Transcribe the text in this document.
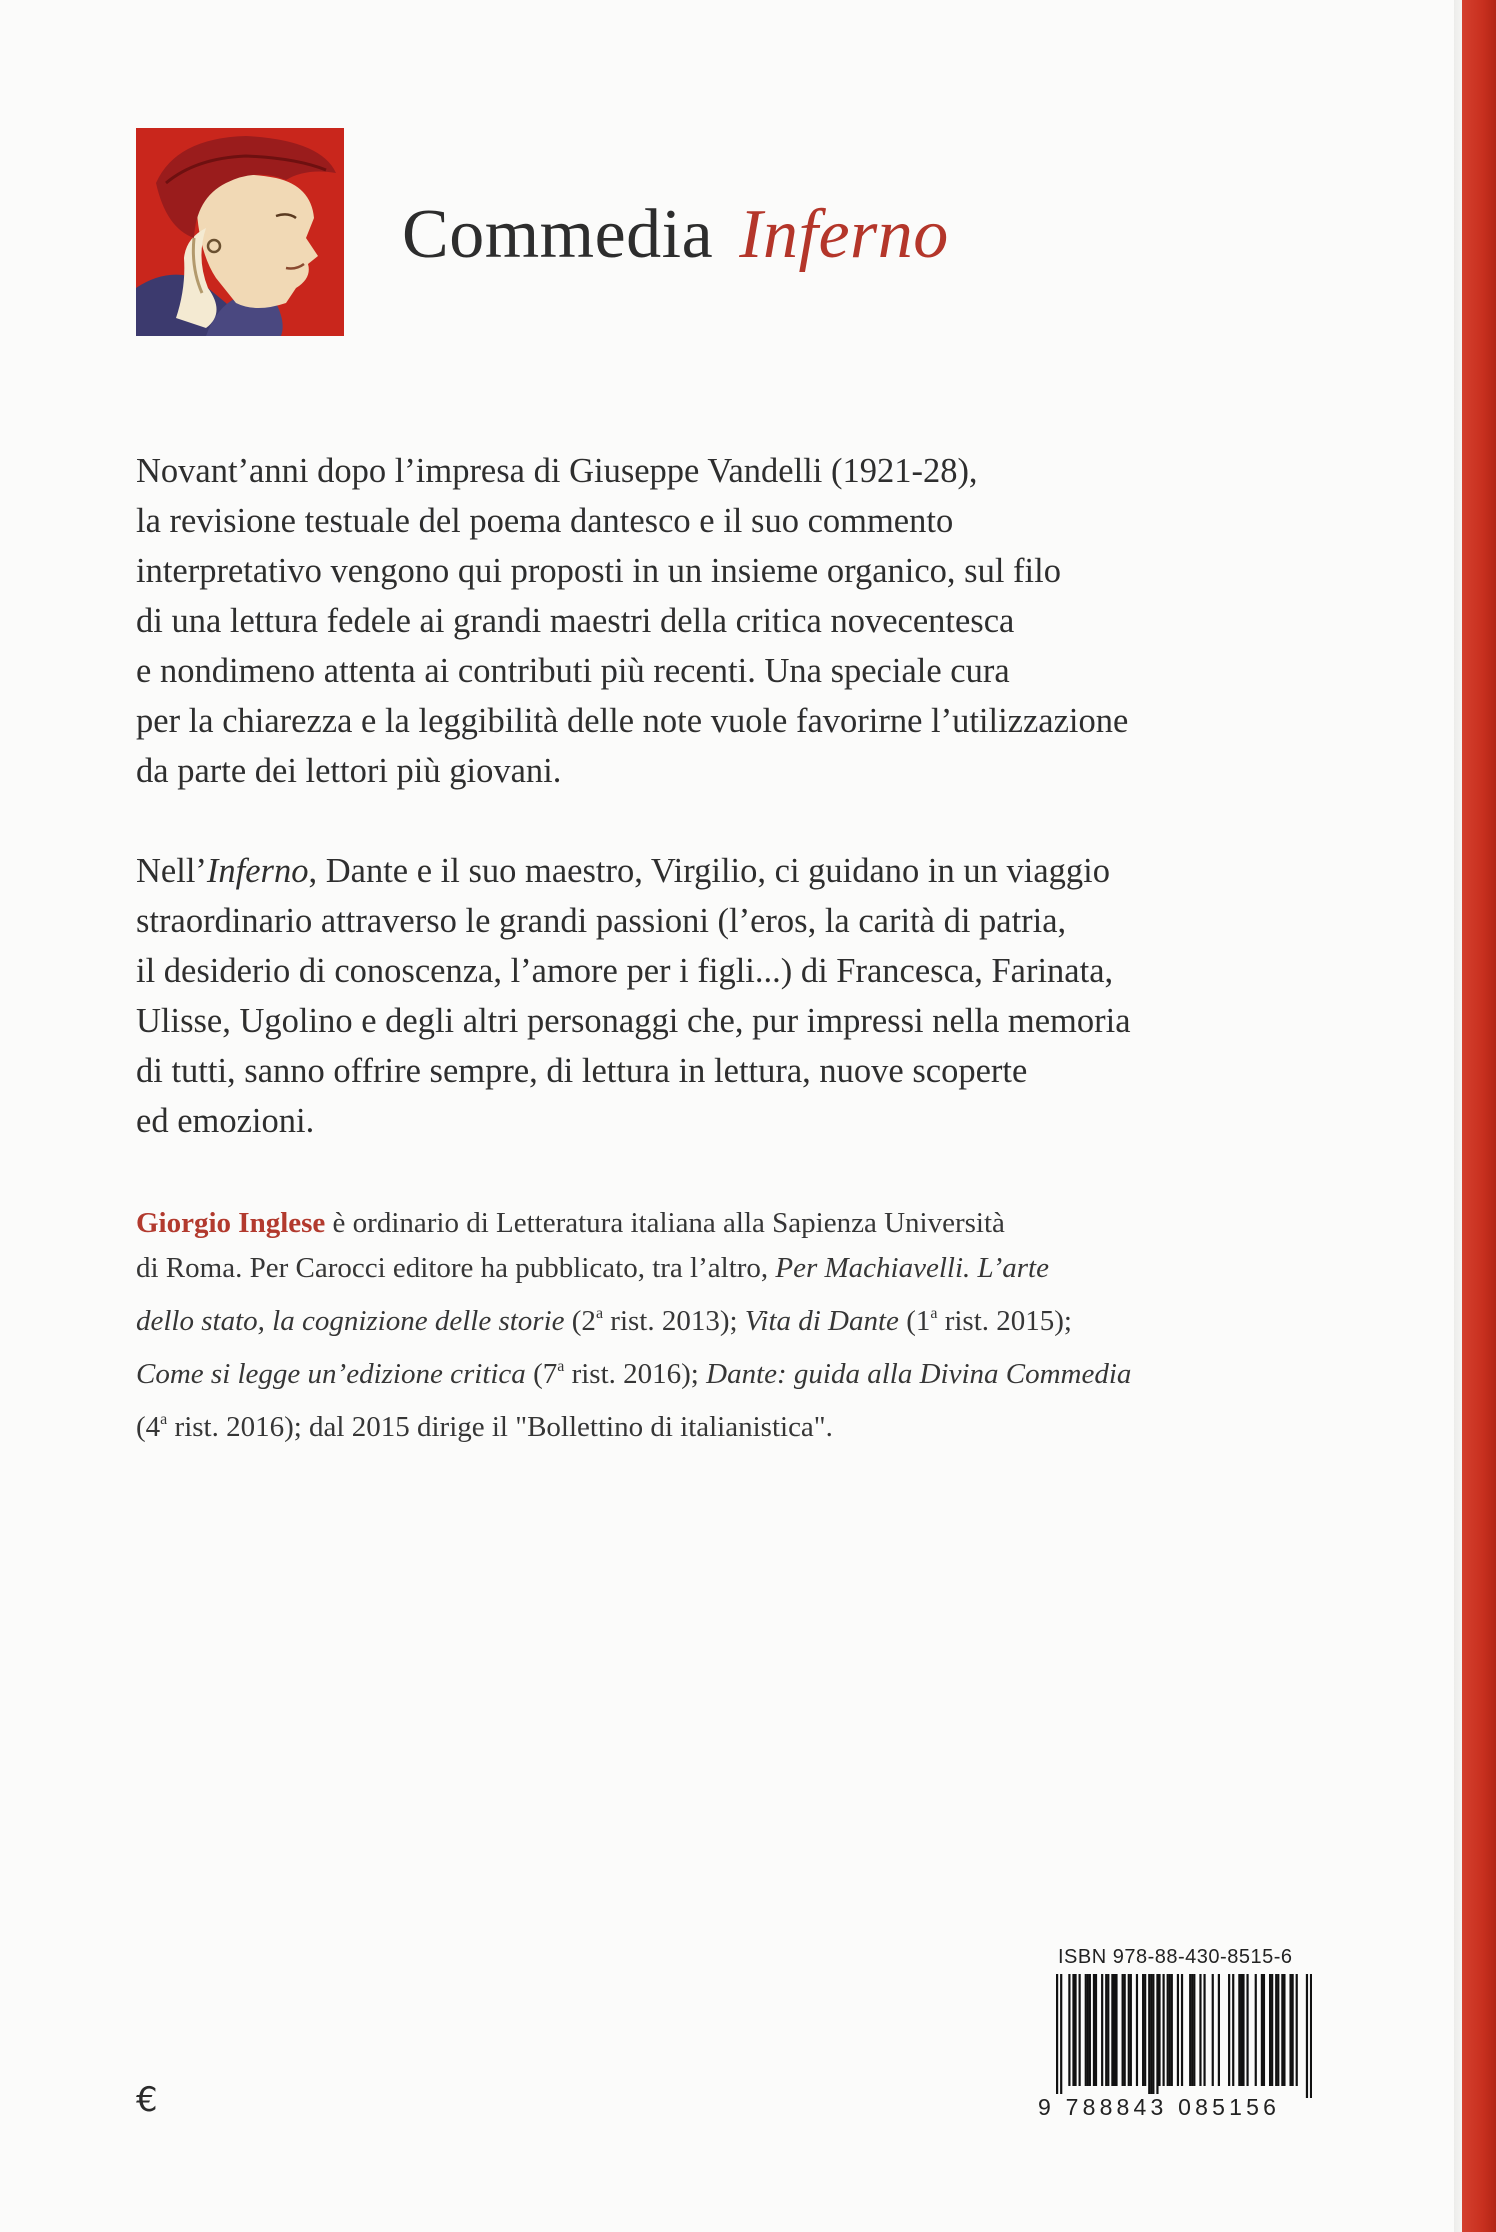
Commedia Inferno

Novant’anni dopo l’impresa di Giuseppe Vandelli (1921-28),
la revisione testuale del poema dantesco e il suo commento
interpretativo vengono qui proposti in un insieme organico, sul filo
di una lettura fedele ai grandi maestri della critica novecentesca
e nondimeno attenta ai contributi più recenti. Una speciale cura
per la chiarezza e la leggibilità delle note vuole favorirne l’utilizzazione
da parte dei lettori più giovani.

Nell’Inferno, Dante e il suo maestro, Virgilio, ci guidano in un viaggio
straordinario attraverso le grandi passioni (l’eros, la carità di patria,
il desiderio di conoscenza, l’amore per i figli...) di Francesca, Farinata,
Ulisse, Ugolino e degli altri personaggi che, pur impressi nella memoria
di tutti, sanno offrire sempre, di lettura in lettura, nuove scoperte
ed emozioni.

Giorgio Inglese è ordinario di Letteratura italiana alla Sapienza Università
di Roma. Per Carocci editore ha pubblicato, tra l’altro, Per Machiavelli. L’arte
dello stato, la cognizione delle storie (2$^a$ rist. 2013); Vita di Dante (1$^a$ rist. 2015);
Come si legge un’edizione critica (7$^a$ rist. 2016); Dante: guida alla Divina Commedia
(4$^a$ rist. 2016); dal 2015 dirige il "Bollettino di italianistica".

ISBN 978-88-430-8515-6
9 788843 085156
€
